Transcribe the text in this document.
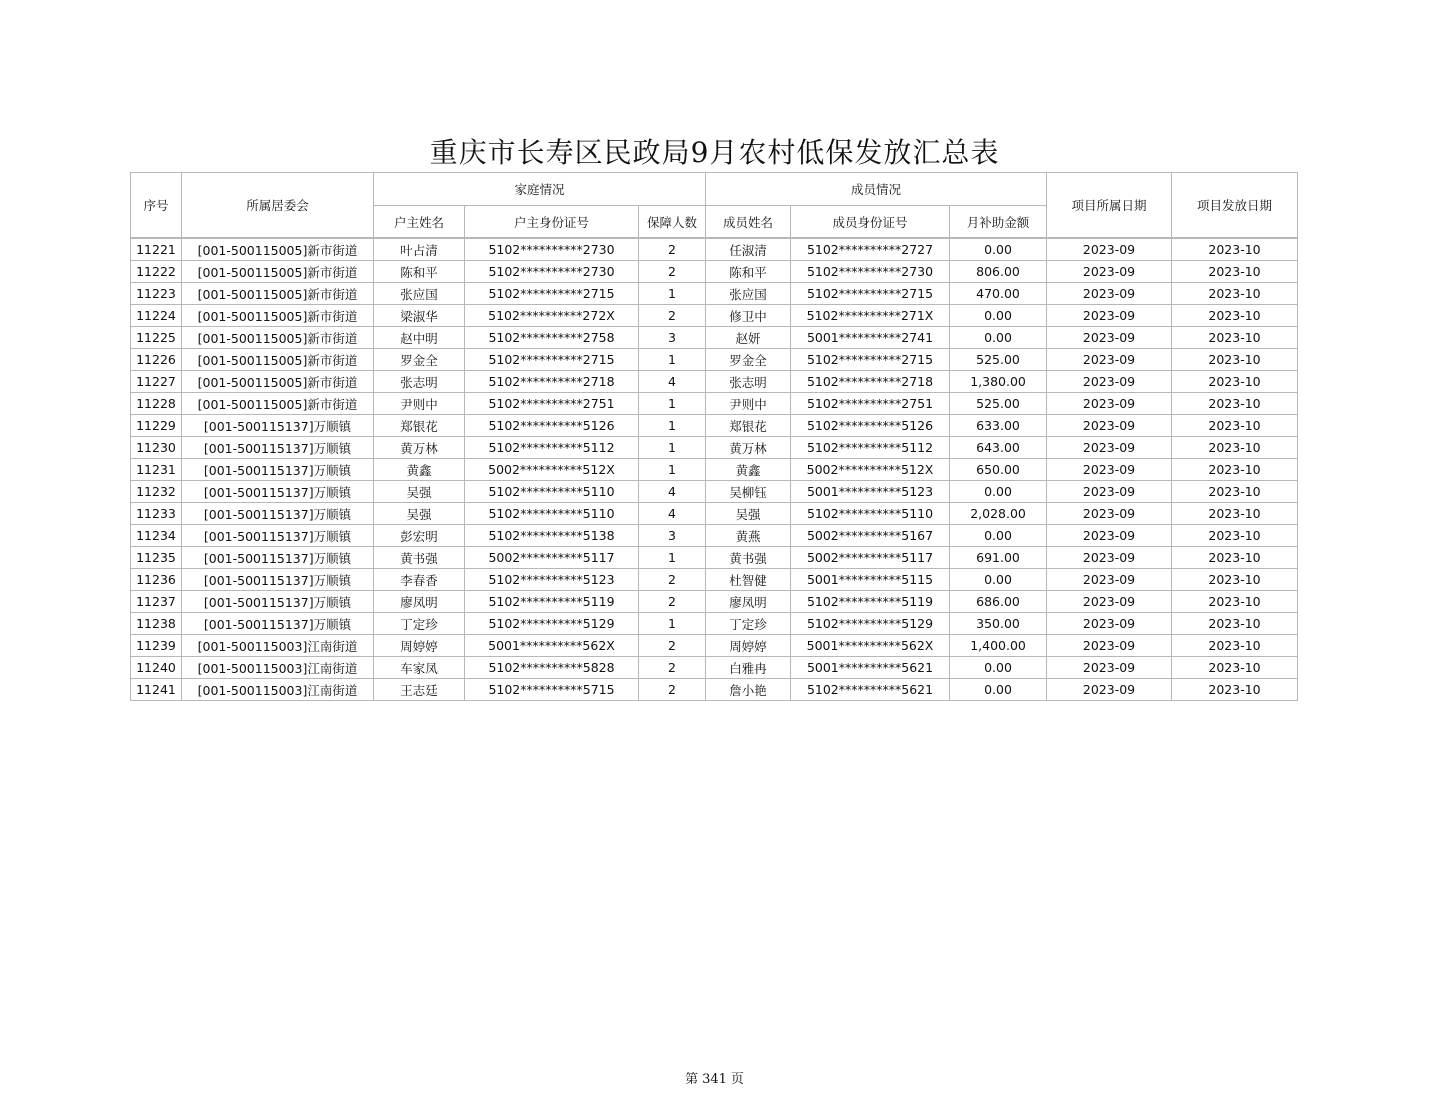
重庆市长寿区民政局9月农村低保发放汇总表
序号	所属居委会	家庭情况			成员情况			项目所属日期	项目发放日期
		户主姓名	户主身份证号	保障人数	成员姓名	成员身份证号	月补助金额		
11221	[001-500115005]新市街道	叶占清	5102**********2730	2	任淑清	5102**********2727	0.00	2023-09	2023-10
11222	[001-500115005]新市街道	陈和平	5102**********2730	2	陈和平	5102**********2730	806.00	2023-09	2023-10
11223	[001-500115005]新市街道	张应国	5102**********2715	1	张应国	5102**********2715	470.00	2023-09	2023-10
11224	[001-500115005]新市街道	梁淑华	5102**********272X	2	修卫中	5102**********271X	0.00	2023-09	2023-10
11225	[001-500115005]新市街道	赵中明	5102**********2758	3	赵妍	5001**********2741	0.00	2023-09	2023-10
11226	[001-500115005]新市街道	罗金全	5102**********2715	1	罗金全	5102**********2715	525.00	2023-09	2023-10
11227	[001-500115005]新市街道	张志明	5102**********2718	4	张志明	5102**********2718	1,380.00	2023-09	2023-10
11228	[001-500115005]新市街道	尹则中	5102**********2751	1	尹则中	5102**********2751	525.00	2023-09	2023-10
11229	[001-500115137]万顺镇	郑银花	5102**********5126	1	郑银花	5102**********5126	633.00	2023-09	2023-10
11230	[001-500115137]万顺镇	黄万林	5102**********5112	1	黄万林	5102**********5112	643.00	2023-09	2023-10
11231	[001-500115137]万顺镇	黄鑫	5002**********512X	1	黄鑫	5002**********512X	650.00	2023-09	2023-10
11232	[001-500115137]万顺镇	吴强	5102**********5110	4	吴柳钰	5001**********5123	0.00	2023-09	2023-10
11233	[001-500115137]万顺镇	吴强	5102**********5110	4	吴强	5102**********5110	2,028.00	2023-09	2023-10
11234	[001-500115137]万顺镇	彭宏明	5102**********5138	3	黄燕	5002**********5167	0.00	2023-09	2023-10
11235	[001-500115137]万顺镇	黄书强	5002**********5117	1	黄书强	5002**********5117	691.00	2023-09	2023-10
11236	[001-500115137]万顺镇	李春香	5102**********5123	2	杜智健	5001**********5115	0.00	2023-09	2023-10
11237	[001-500115137]万顺镇	廖凤明	5102**********5119	2	廖凤明	5102**********5119	686.00	2023-09	2023-10
11238	[001-500115137]万顺镇	丁定珍	5102**********5129	1	丁定珍	5102**********5129	350.00	2023-09	2023-10
11239	[001-500115003]江南街道	周婷婷	5001**********562X	2	周婷婷	5001**********562X	1,400.00	2023-09	2023-10
11240	[001-500115003]江南街道	车家凤	5102**********5828	2	白雅冉	5001**********5621	0.00	2023-09	2023-10
11241	[001-500115003]江南街道	王志廷	5102**********5715	2	詹小艳	5102**********5621	0.00	2023-09	2023-10
第 341 页
